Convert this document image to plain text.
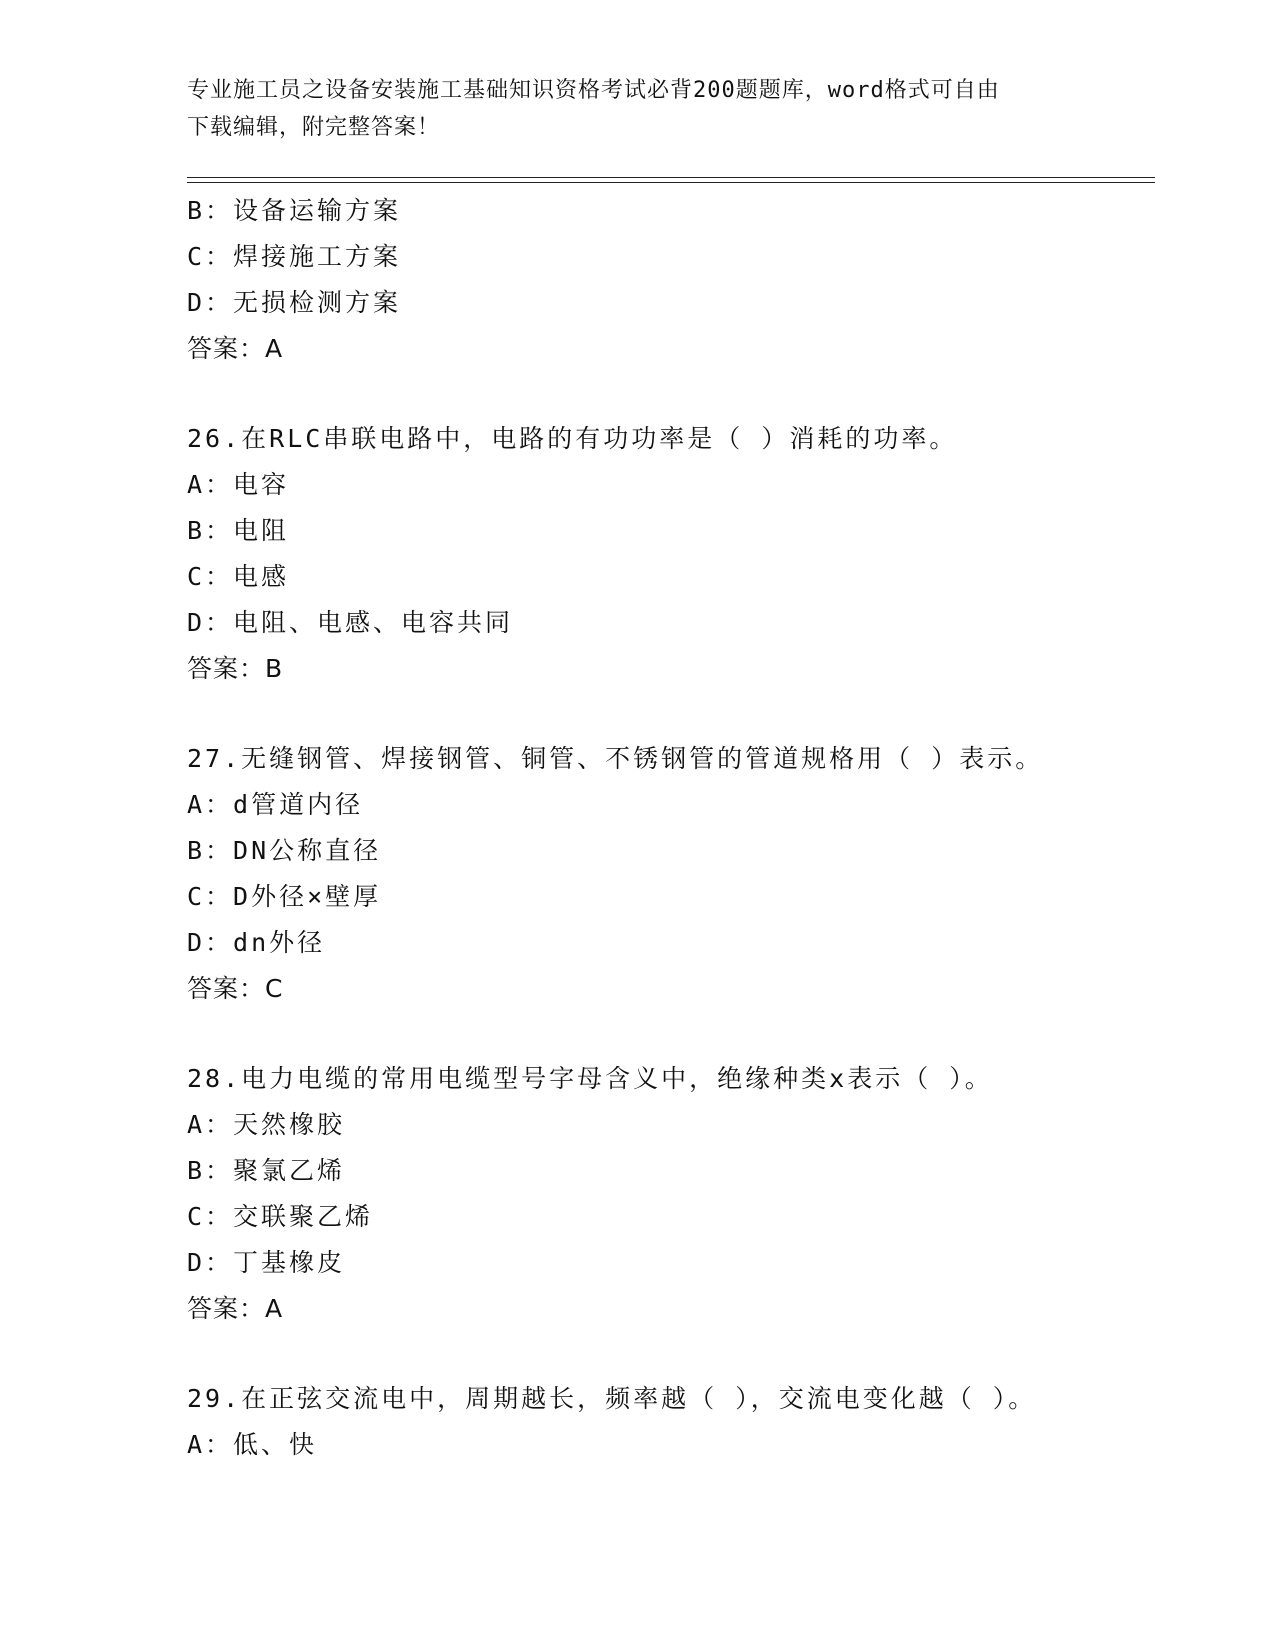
专业施工员之设备安装施工基础知识资格考试必背200题题库，word格式可自由
下载编辑，附完整答案！
B：设备运输方案
C：焊接施工方案
D：无损检测方案
答案：A
26.在RLC串联电路中，电路的有功功率是（ ）消耗的功率。
A：电容
B：电阻
C：电感
D：电阻、电感、电容共同
答案：B
27.无缝钢管、焊接钢管、铜管、不锈钢管的管道规格用（ ）表示。
A：d管道内径
B：DN公称直径
C：D外径×壁厚
D：dn外径
答案：C
28.电力电缆的常用电缆型号字母含义中，绝缘种类x表示（ ）。
A：天然橡胶
B：聚氯乙烯
C：交联聚乙烯
D：丁基橡皮
答案：A
29.在正弦交流电中，周期越长，频率越（ ），交流电变化越（ ）。
A：低、快
